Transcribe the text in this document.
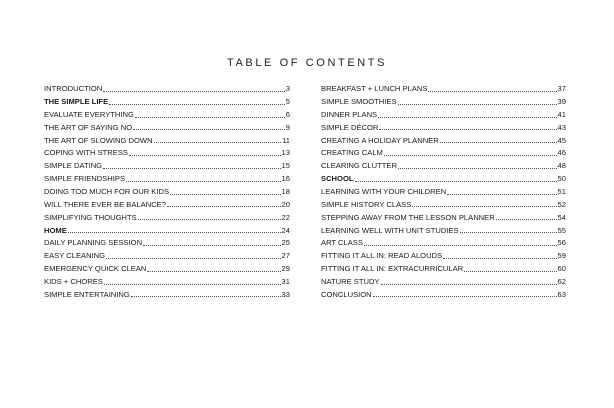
TABLE OF CONTENTS
INTRODUCTION	3
THE SIMPLE LIFE	5
EVALUATE EVERYTHING	6
THE ART OF SAYING NO	9
THE ART OF SLOWING DOWN	11
COPING WITH STRESS	13
SIMPLE DATING	15
SIMPLE FRIENDSHIPS	16
DOING TOO MUCH FOR OUR KIDS	18
WILL THERE EVER BE BALANCE?	20
SIMPLIFYING THOUGHTS	22
HOME	24
DAILY PLANNING SESSION	25
EASY CLEANING	27
EMERGENCY QUICK CLEAN	29
KIDS + CHORES	31
SIMPLE ENTERTAINING	33
BREAKFAST + LUNCH PLANS	37
SIMPLE SMOOTHIES	39
DINNER PLANS	41
SIMPLE DÉCOR	43
CREATING A HOLIDAY PLANNER	45
CREATING CALM	46
CLEARING CLUTTER	48
SCHOOL	50
LEARNING WITH YOUR CHILDREN	51
SIMPLE HISTORY CLASS	52
STEPPING AWAY FROM THE LESSON PLANNER	54
LEARNING WELL WITH UNIT STUDIES	55
ART CLASS	56
FITTING IT ALL IN: READ ALOUDS	59
FITTING IT ALL IN: EXTRACURRICULAR	60
NATURE STUDY	62
CONCLUSION	63
